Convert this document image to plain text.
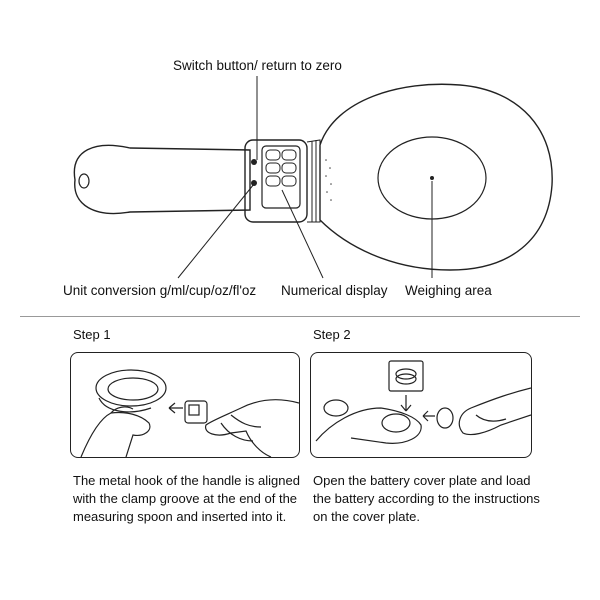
Switch button/ return to zero
Unit conversion g/ml/cup/oz/fl'oz Numerical display Weighing area
Step 1
The metal hook of the handle is aligned with the clamp groove at the end of the measuring spoon and inserted into it.
Step 2
Open the battery cover plate and load the battery according to the instructions on the cover plate.
